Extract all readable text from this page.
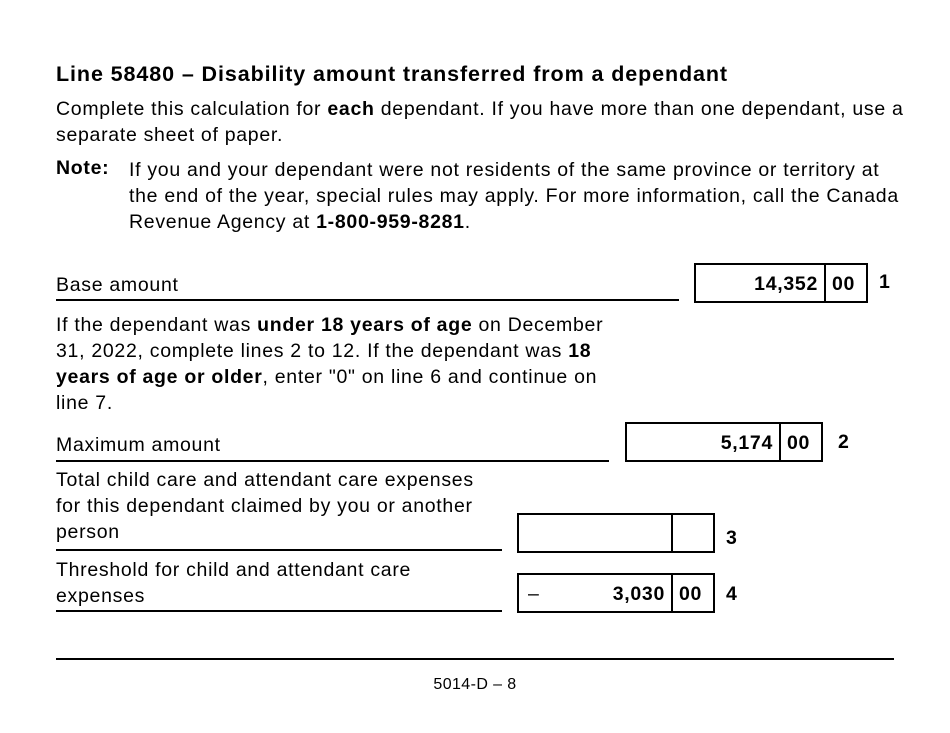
Line 58480 – Disability amount transferred from a dependant
Complete this calculation for each dependant. If you have more than one dependant, use a separate sheet of paper.
Note: If you and your dependant were not residents of the same province or territory at the end of the year, special rules may apply. For more information, call the Canada Revenue Agency at 1-800-959-8281.
Base amount	14,352 00 1
If the dependant was under 18 years of age on December 31, 2022, complete lines 2 to 12. If the dependant was 18 years of age or older, enter "0" on line 6 and continue on line 7.
Maximum amount	5,174 00 2
Total child care and attendant care expenses for this dependant claimed by you or another person	3
Threshold for child and attendant care expenses	–	3,030 00 4
5014-D – 8
